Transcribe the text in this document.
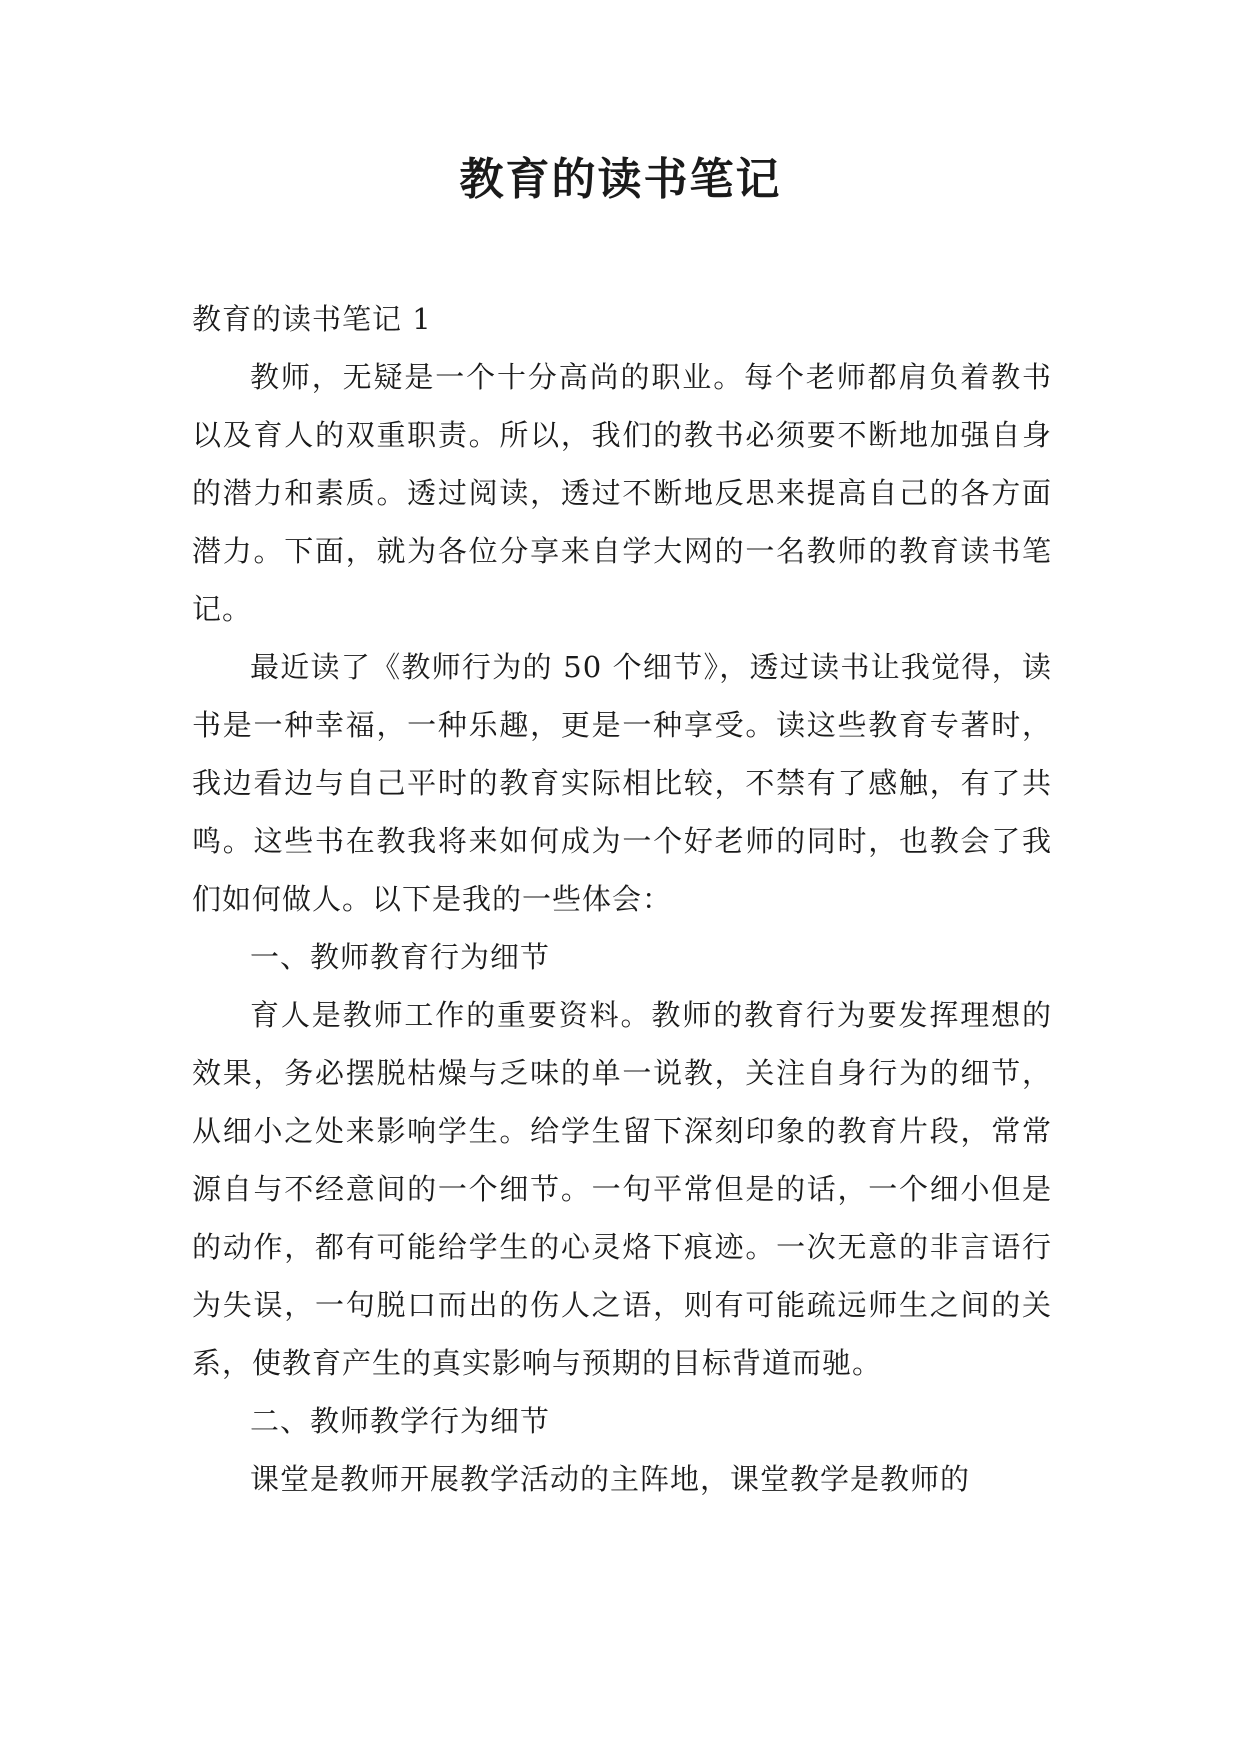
教育的读书笔记

教育的读书笔记 1

教师，无疑是一个十分高尚的职业。每个老师都肩负着教书以及育人的双重职责。所以，我们的教书必须要不断地加强自身的潜力和素质。透过阅读，透过不断地反思来提高自己的各方面潜力。下面，就为各位分享来自学大网的一名教师的教育读书笔记。

最近读了《教师行为的 50 个细节》，透过读书让我觉得，读书是一种幸福，一种乐趣，更是一种享受。读这些教育专著时，我边看边与自己平时的教育实际相比较，不禁有了感触，有了共鸣。这些书在教我将来如何成为一个好老师的同时，也教会了我们如何做人。以下是我的一些体会：

一、教师教育行为细节

育人是教师工作的重要资料。教师的教育行为要发挥理想的效果，务必摆脱枯燥与乏味的单一说教，关注自身行为的细节，从细小之处来影响学生。给学生留下深刻印象的教育片段，常常源自与不经意间的一个细节。一句平常但是的话，一个细小但是的动作，都有可能给学生的心灵烙下痕迹。一次无意的非言语行为失误，一句脱口而出的伤人之语，则有可能疏远师生之间的关系，使教育产生的真实影响与预期的目标背道而驰。

二、教师教学行为细节

课堂是教师开展教学活动的主阵地，课堂教学是教师的
